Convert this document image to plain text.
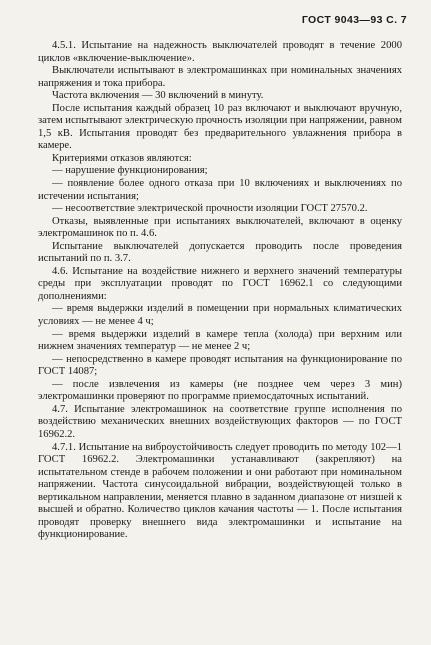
ГОСТ 9043—93 С. 7

4.5.1. Испытание на надежность выключателей проводят в течение 2000 циклов «включение-выключение».

Выключатели испытывают в электромашинках при номинальных значениях напряжения и тока прибора.

Частота включения — 30 включений в минуту.

После испытания каждый образец 10 раз включают и выключают вручную, затем испытывают электрическую прочность изоляции при напряжении, равном 1,5 кВ. Испытания проводят без предварительного увлажнения прибора в камере.

Критериями отказов являются:

— нарушение функционирования;

— появление более одного отказа при 10 включениях и выключениях по истечении испытания;

— несоответствие электрической прочности изоляции ГОСТ 27570.2.

Отказы, выявленные при испытаниях выключателей, включают в оценку электромашинок по п. 4.6.

Испытание выключателей допускается проводить после проведения испытаний по п. 3.7.

4.6. Испытание на воздействие нижнего и верхнего значений температуры среды при эксплуатации проводят по ГОСТ 16962.1 со следующими дополнениями:

— время выдержки изделий в помещении при нормальных климатических условиях — не менее 4 ч;

— время выдержки изделий в камере тепла (холода) при верхним или нижнем значениях температур — не менее 2 ч;

— непосредственно в камере проводят испытания на функционирование по ГОСТ 14087;

— после извлечения из камеры (не позднее чем через 3 мин) электромашинки проверяют по программе приемосдаточных испытаний.

4.7. Испытание электромашинок на соответствие группе исполнения по воздействию механических внешних воздействующих факторов — по ГОСТ 16962.2.

4.7.1. Испытание на виброустойчивость следует проводить по методу 102—1 ГОСТ 16962.2. Электромашинки устанавливают (закрепляют) на испытательном стенде в рабочем положении и они работают при номинальном напряжении. Частота синусоидальной вибрации, воздействующей только в вертикальном направлении, меняется плавно в заданном диапазоне от низшей к высшей и обратно. Количество циклов качания частоты — 1. После испытания проводят проверку внешнего вида электромашинки и испытание на функционирование.
